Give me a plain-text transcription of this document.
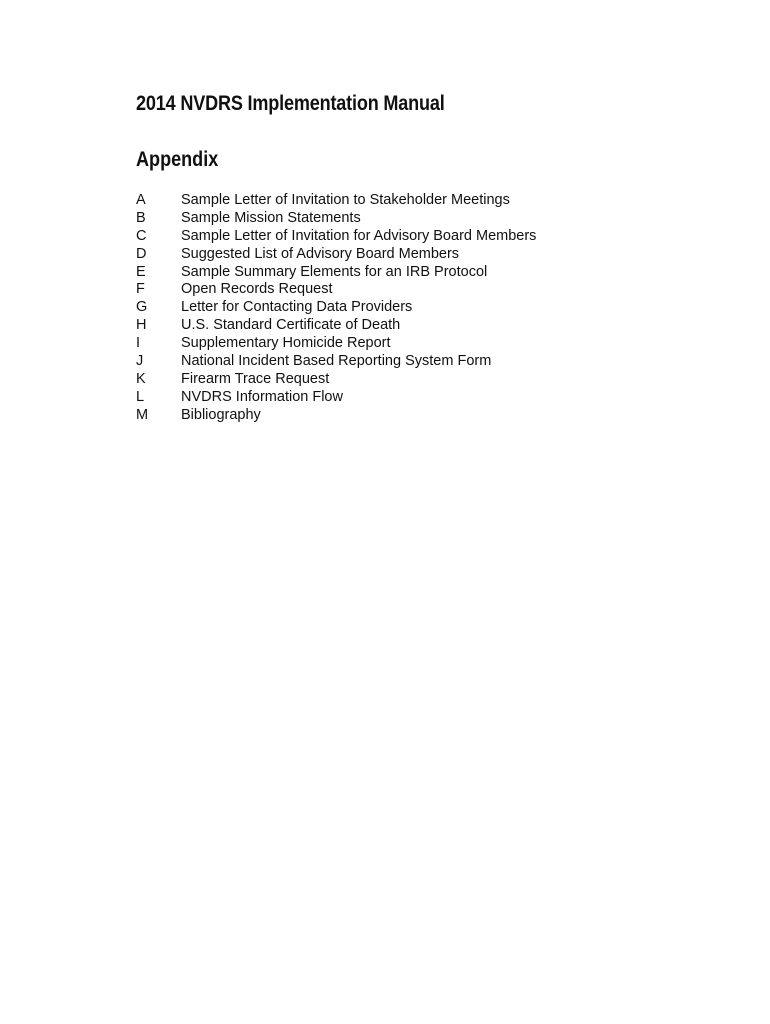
2014 NVDRS Implementation Manual
Appendix
A	Sample Letter of Invitation to Stakeholder Meetings
B	Sample Mission Statements
C	Sample Letter of Invitation for Advisory Board Members
D	Suggested List of Advisory Board Members
E	Sample Summary Elements for an IRB Protocol
F	Open Records Request
G	Letter for Contacting Data Providers
H	U.S. Standard Certificate of Death
I	Supplementary Homicide Report
J	National Incident Based Reporting System Form
K	Firearm Trace Request
L	NVDRS Information Flow
M	Bibliography
